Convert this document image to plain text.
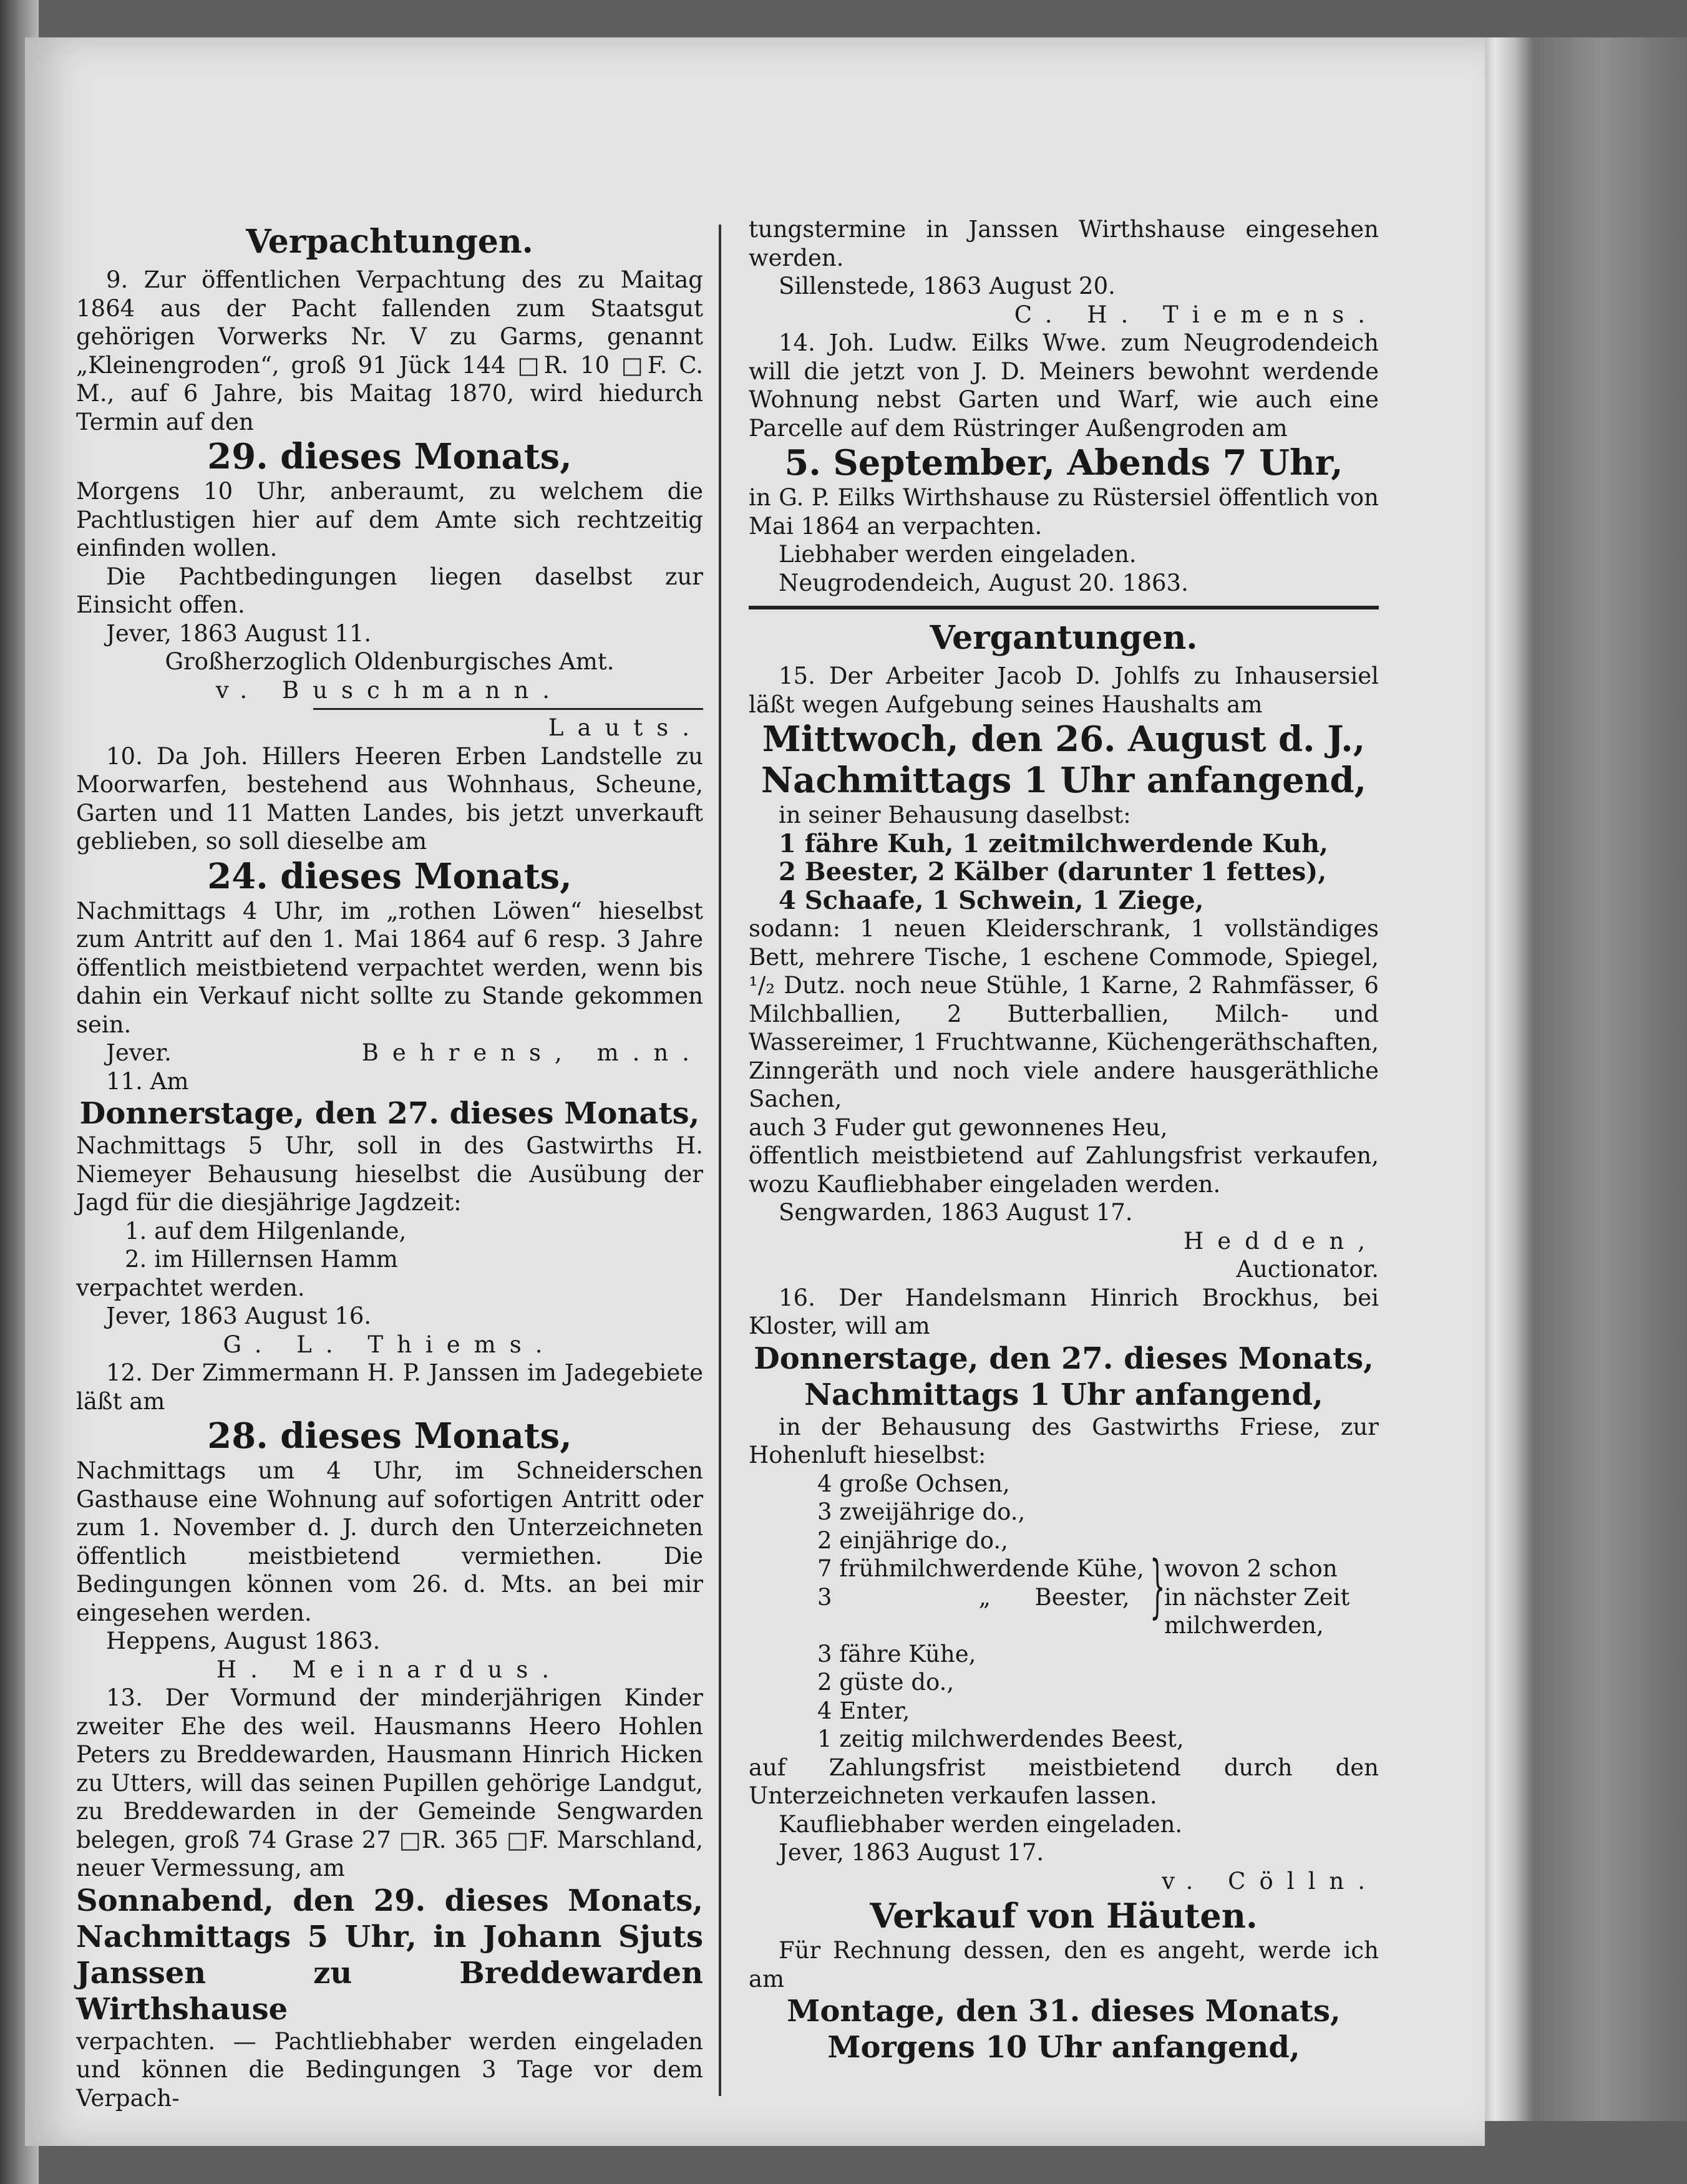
Verpachtungen.

9. Zur öffentlichen Verpachtung des zu Maitag 1864 aus der Pacht fallenden zum Staatsgut gehörigen Vorwerks Nr. V zu Garms, genannt „Kleinengroden“, groß 91 Jück 144 □R. 10 □F. C. M., auf 6 Jahre, bis Maitag 1870, wird hiedurch Termin auf den

29. dieses Monats,

Morgens 10 Uhr, anberaumt, zu welchem die Pachtlustigen hier auf dem Amte sich rechtzeitig einfinden wollen.

Die Pachtbedingungen liegen daselbst zur Einsicht offen.

Jever, 1863 August 11.

Großherzoglich Oldenburgisches Amt.

v. Buschmann.

Lauts.

10. Da Joh. Hillers Heeren Erben Landstelle zu Moorwarfen, bestehend aus Wohnhaus, Scheune, Garten und 11 Matten Landes, bis jetzt unverkauft geblieben, so soll dieselbe am

24. dieses Monats,

Nachmittags 4 Uhr, im „rothen Löwen“ hieselbst zum Antritt auf den 1. Mai 1864 auf 6 resp. 3 Jahre öffentlich meistbietend verpachtet werden, wenn bis dahin ein Verkauf nicht sollte zu Stande gekommen sein.

Jever.	Behrens, m.n.

11. Am

Donnerstage, den 27. dieses Monats,

Nachmittags 5 Uhr, soll in des Gastwirths H. Niemeyer Behausung hieselbst die Ausübung der Jagd für die diesjährige Jagdzeit:

1. auf dem Hilgenlande,

2. im Hillernsen Hamm

verpachtet werden.

Jever, 1863 August 16.

G. L. Thiems.

12. Der Zimmermann H. P. Janssen im Jadegebiete läßt am

28. dieses Monats,

Nachmittags um 4 Uhr, im Schneiderschen Gasthause eine Wohnung auf sofortigen Antritt oder zum 1. November d. J. durch den Unterzeichneten öffentlich meistbietend vermiethen. Die Bedingungen können vom 26. d. Mts. an bei mir eingesehen werden.

Heppens, August 1863.

H. Meinardus.

13. Der Vormund der minderjährigen Kinder zweiter Ehe des weil. Hausmanns Heero Hohlen Peters zu Breddewarden, Hausmann Hinrich Hicken zu Utters, will das seinen Pupillen gehörige Landgut, zu Breddewarden in der Gemeinde Sengwarden belegen, groß 74 Grase 27 □R. 365 □F. Marschland, neuer Vermessung, am

Sonnabend, den 29. dieses Monats, Nachmittags 5 Uhr, in Johann Sjuts Janssen zu Breddewarden Wirthshause

verpachten. — Pachtliebhaber werden eingeladen und können die Bedingungen 3 Tage vor dem Verpach-

tungstermine in Janssen Wirthshause eingesehen werden.

Sillenstede, 1863 August 20.

C. H. Tiemens.

14. Joh. Ludw. Eilks Wwe. zum Neugrodendeich will die jetzt von J. D. Meiners bewohnt werdende Wohnung nebst Garten und Warf, wie auch eine Parcelle auf dem Rüstringer Außengroden am

5. September, Abends 7 Uhr,

in G. P. Eilks Wirthshause zu Rüstersiel öffentlich von Mai 1864 an verpachten.

Liebhaber werden eingeladen.

Neugrodendeich, August 20. 1863.

Vergantungen.

15. Der Arbeiter Jacob D. Johlfs zu Inhausersiel läßt wegen Aufgebung seines Haushalts am

Mittwoch, den 26. August d. J.,
Nachmittags 1 Uhr anfangend,

in seiner Behausung daselbst:

1 fähre Kuh, 1 zeitmilchwerdende Kuh,

2 Beester, 2 Kälber (darunter 1 fettes),

4 Schaafe, 1 Schwein, 1 Ziege,

sodann: 1 neuen Kleiderschrank, 1 vollständiges Bett, mehrere Tische, 1 eschene Commode, Spiegel, ¹/₂ Dutz. noch neue Stühle, 1 Karne, 2 Rahmfässer, 6 Milchballien, 2 Butterballien, Milch- und Wassereimer, 1 Fruchtwanne, Küchengeräthschaften, Zinngeräth und noch viele andere hausgeräthliche Sachen,

auch 3 Fuder gut gewonnenes Heu,

öffentlich meistbietend auf Zahlungsfrist verkaufen, wozu Kaufliebhaber eingeladen werden.

Sengwarden, 1863 August 17.

Hedden,

Auctionator.

16. Der Handelsmann Hinrich Brockhus, bei Kloster, will am

Donnerstage, den 27. dieses Monats,
Nachmittags 1 Uhr anfangend,

in der Behausung des Gastwirths Friese, zur Hohenluft hieselbst:

4 große Ochsen,
3 zweijährige do.,
2 einjährige do.,
7 frühmilchwerdende Kühe,
3                    „      Beester, }
wovon 2 schon in nächster Zeit milchwerden,
3 fähre Kühe,
2 güste do.,
4 Enter,
1 zeitig milchwerdendes Beest,

auf Zahlungsfrist meistbietend durch den Unterzeichneten verkaufen lassen.

Kaufliebhaber werden eingeladen.

Jever, 1863 August 17.

v. Cölln.

Verkauf von Häuten.

Für Rechnung dessen, den es angeht, werde ich am

Montage, den 31. dieses Monats,
Morgens 10 Uhr anfangend,
